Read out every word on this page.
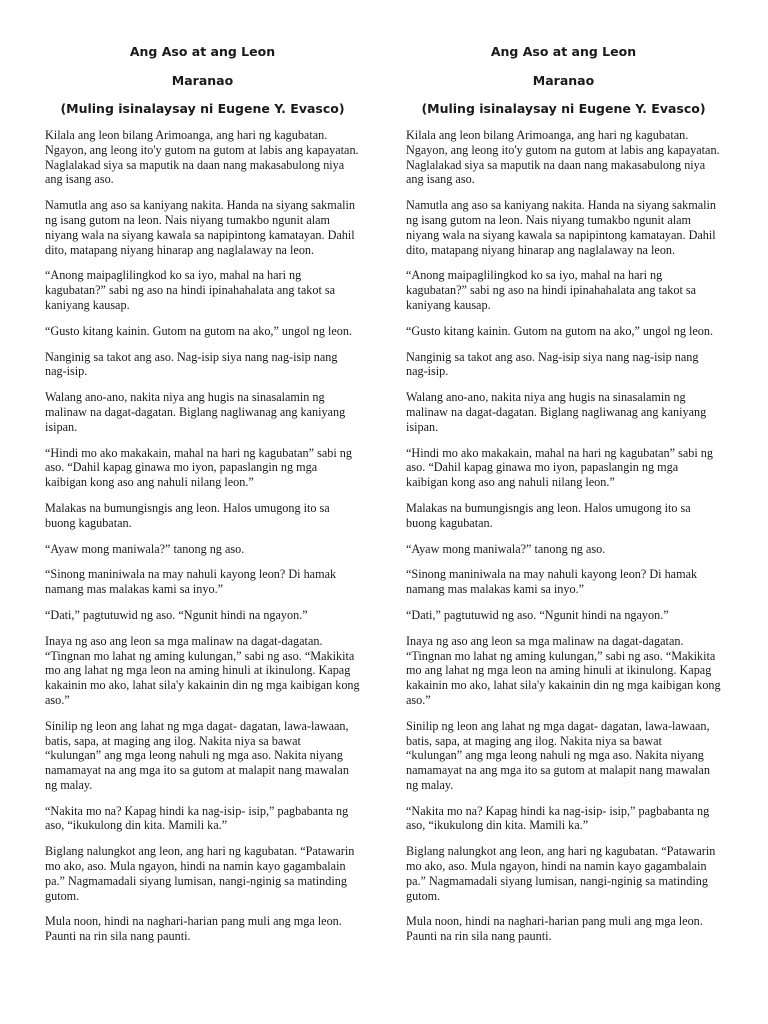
Ang Aso at ang Leon

Maranao

(Muling isinalaysay ni Eugene Y. Evasco)

Kilala ang leon bilang Arimoanga, ang hari ng kagubatan. Ngayon, ang leong ito'y gutom na gutom at labis ang kapayatan. Naglalakad siya sa maputik na daan nang makasabulong niya ang isang aso.

Namutla ang aso sa kaniyang nakita. Handa na siyang sakmalin ng isang gutom na leon. Nais niyang tumakbo ngunit alam niyang wala na siyang kawala sa napipintong kamatayan. Dahil dito, matapang niyang hinarap ang naglalaway na leon.

“Anong maipaglilingkod ko sa iyo, mahal na hari ng kagubatan?” sabi ng aso na hindi ipinahahalata ang takot sa kaniyang kausap.

“Gusto kitang kainin. Gutom na gutom na ako,” ungol ng leon.

Nanginig sa takot ang aso. Nag-isip siya nang nag-isip nang nag-isip.

Walang ano-ano, nakita niya ang hugis na sinasalamin ng malinaw na dagat-dagatan. Biglang nagliwanag ang kaniyang isipan.

“Hindi mo ako makakain, mahal na hari ng kagubatan” sabi ng aso. “Dahil kapag ginawa mo iyon, papaslangin ng mga kaibigan kong aso ang nahuli nilang leon.”

Malakas na bumungisngis ang leon. Halos umugong ito sa buong kagubatan.

“Ayaw mong maniwala?” tanong ng aso.

“Sinong maniniwala na may nahuli kayong leon? Di hamak namang mas malakas kami sa inyo.”

“Dati,” pagtutuwid ng aso. “Ngunit hindi na ngayon.”

Inaya ng aso ang leon sa mga malinaw na dagat-dagatan. “Tingnan mo lahat ng aming kulungan,” sabi ng aso. “Makikita mo ang lahat ng mga leon na aming hinuli at ikinulong. Kapag kakainin mo ako, lahat sila'y kakainin din ng mga kaibigan kong aso.”

Sinilip ng leon ang lahat ng mga dagat- dagatan, lawa-lawaan, batis, sapa, at maging ang ilog. Nakita niya sa bawat “kulungan” ang mga leong nahuli ng mga aso. Nakita niyang namamayat na ang mga ito sa gutom at malapit nang mawalan ng malay.

“Nakita mo na? Kapag hindi ka nag-isip- isip,” pagbabanta ng aso, “ikukulong din kita. Mamili ka.”

Biglang nalungkot ang leon, ang hari ng kagubatan. “Patawarin mo ako, aso. Mula ngayon, hindi na namin kayo gagambalain pa.” Nagmamadali siyang lumisan, nangi-nginig sa matinding gutom.

Mula noon, hindi na naghari-harian pang muli ang mga leon. Paunti na rin sila nang paunti.

Ang Aso at ang Leon

Maranao

(Muling isinalaysay ni Eugene Y. Evasco)

Kilala ang leon bilang Arimoanga, ang hari ng kagubatan. Ngayon, ang leong ito'y gutom na gutom at labis ang kapayatan. Naglalakad siya sa maputik na daan nang makasabulong niya ang isang aso.

Namutla ang aso sa kaniyang nakita. Handa na siyang sakmalin ng isang gutom na leon. Nais niyang tumakbo ngunit alam niyang wala na siyang kawala sa napipintong kamatayan. Dahil dito, matapang niyang hinarap ang naglalaway na leon.

“Anong maipaglilingkod ko sa iyo, mahal na hari ng kagubatan?” sabi ng aso na hindi ipinahahalata ang takot sa kaniyang kausap.

“Gusto kitang kainin. Gutom na gutom na ako,” ungol ng leon.

Nanginig sa takot ang aso. Nag-isip siya nang nag-isip nang nag-isip.

Walang ano-ano, nakita niya ang hugis na sinasalamin ng malinaw na dagat-dagatan. Biglang nagliwanag ang kaniyang isipan.

“Hindi mo ako makakain, mahal na hari ng kagubatan” sabi ng aso. “Dahil kapag ginawa mo iyon, papaslangin ng mga kaibigan kong aso ang nahuli nilang leon.”

Malakas na bumungisngis ang leon. Halos umugong ito sa buong kagubatan.

“Ayaw mong maniwala?” tanong ng aso.

“Sinong maniniwala na may nahuli kayong leon? Di hamak namang mas malakas kami sa inyo.”

“Dati,” pagtutuwid ng aso. “Ngunit hindi na ngayon.”

Inaya ng aso ang leon sa mga malinaw na dagat-dagatan. “Tingnan mo lahat ng aming kulungan,” sabi ng aso. “Makikita mo ang lahat ng mga leon na aming hinuli at ikinulong. Kapag kakainin mo ako, lahat sila'y kakainin din ng mga kaibigan kong aso.”

Sinilip ng leon ang lahat ng mga dagat- dagatan, lawa-lawaan, batis, sapa, at maging ang ilog. Nakita niya sa bawat “kulungan” ang mga leong nahuli ng mga aso. Nakita niyang namamayat na ang mga ito sa gutom at malapit nang mawalan ng malay.

“Nakita mo na? Kapag hindi ka nag-isip- isip,” pagbabanta ng aso, “ikukulong din kita. Mamili ka.”

Biglang nalungkot ang leon, ang hari ng kagubatan. “Patawarin mo ako, aso. Mula ngayon, hindi na namin kayo gagambalain pa.” Nagmamadali siyang lumisan, nangi-nginig sa matinding gutom.

Mula noon, hindi na naghari-harian pang muli ang mga leon. Paunti na rin sila nang paunti.
